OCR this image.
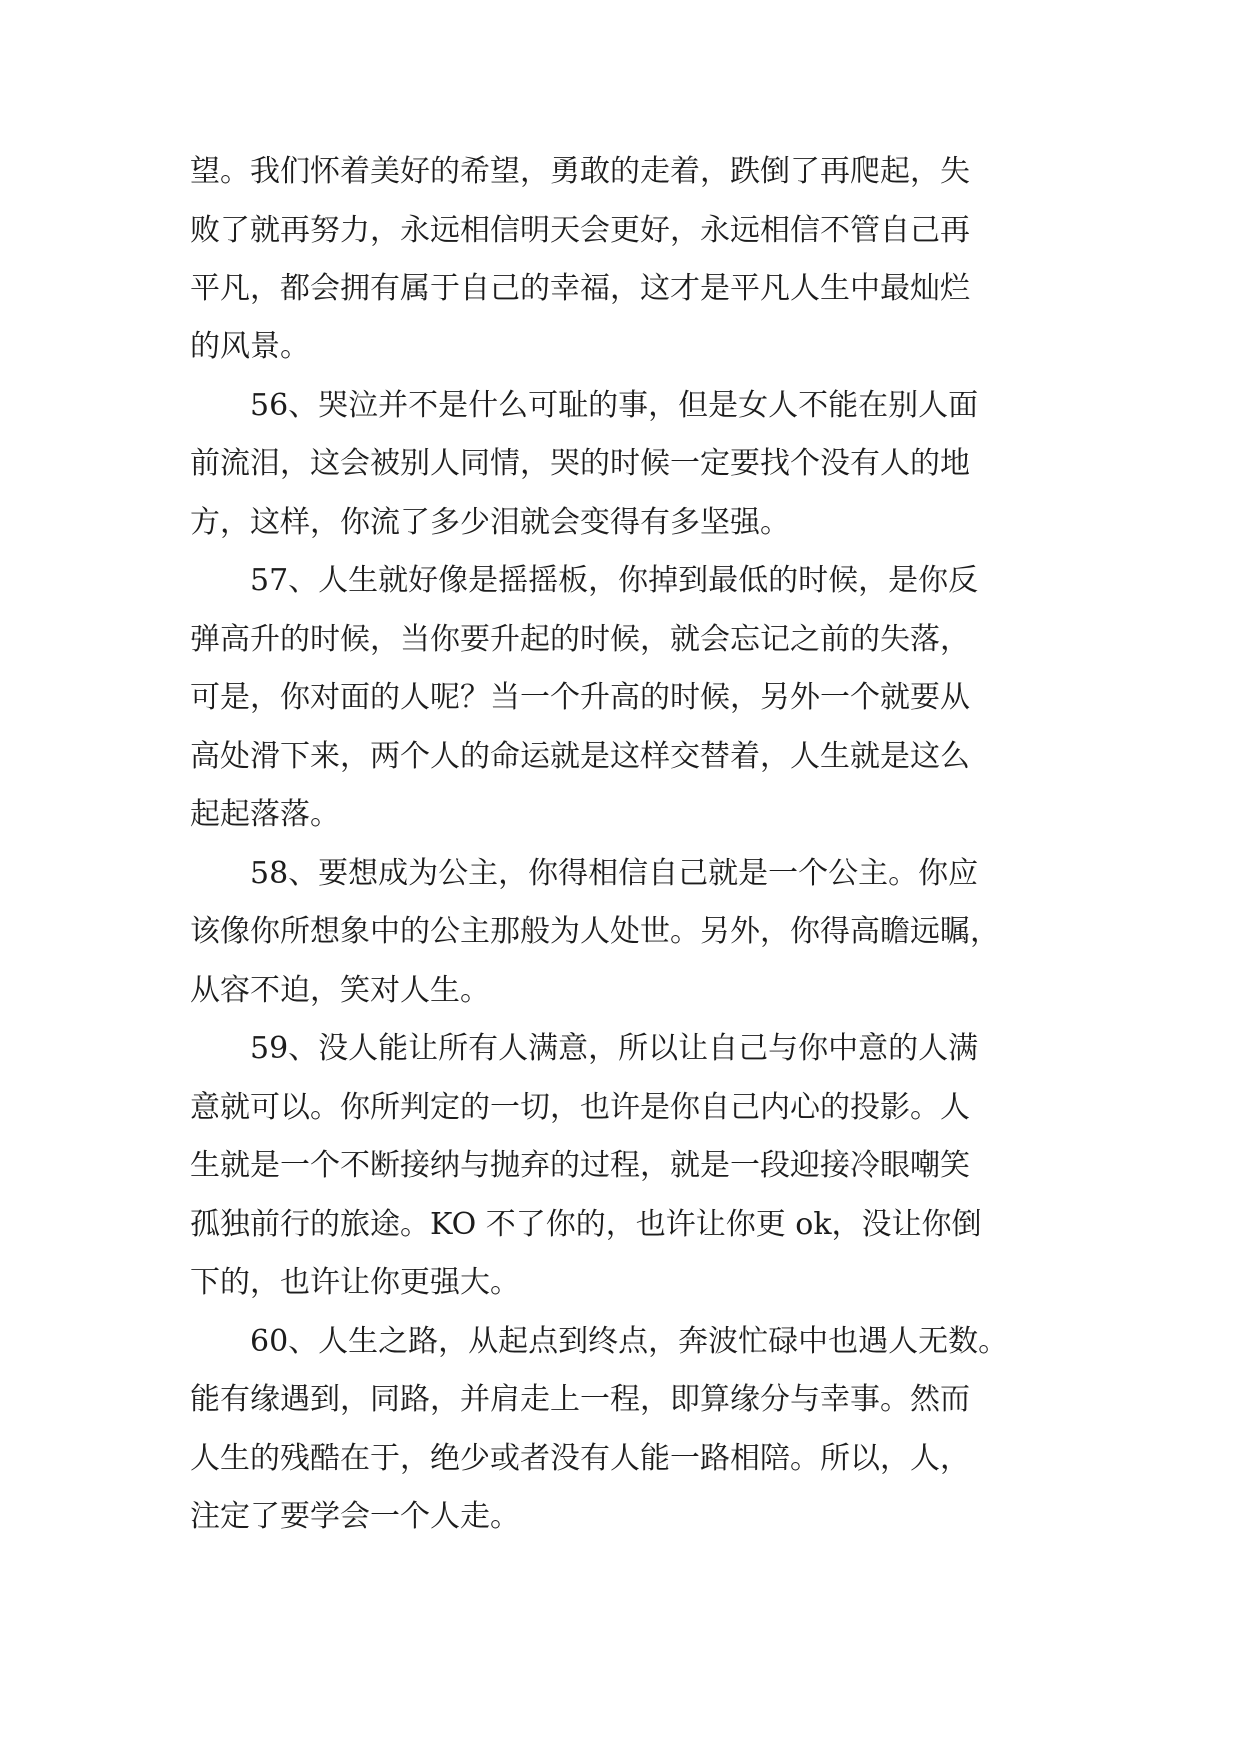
望。我们怀着美好的希望，勇敢的走着，跌倒了再爬起，失
败了就再努力，永远相信明天会更好，永远相信不管自己再
平凡，都会拥有属于自己的幸福，这才是平凡人生中最灿烂
的风景。
56、哭泣并不是什么可耻的事，但是女人不能在别人面
前流泪，这会被别人同情，哭的时候一定要找个没有人的地
方，这样，你流了多少泪就会变得有多坚强。
57、人生就好像是摇摇板，你掉到最低的时候，是你反
弹高升的时候，当你要升起的时候，就会忘记之前的失落，
可是，你对面的人呢？当一个升高的时候，另外一个就要从
高处滑下来，两个人的命运就是这样交替着，人生就是这么
起起落落。
58、要想成为公主，你得相信自己就是一个公主。你应
该像你所想象中的公主那般为人处世。另外，你得高瞻远瞩，
从容不迫，笑对人生。
59、没人能让所有人满意，所以让自己与你中意的人满
意就可以。你所判定的一切，也许是你自己内心的投影。人
生就是一个不断接纳与抛弃的过程，就是一段迎接冷眼嘲笑
孤独前行的旅途。KO 不了你的，也许让你更 ok，没让你倒
下的，也许让你更强大。
60、人生之路，从起点到终点，奔波忙碌中也遇人无数。
能有缘遇到，同路，并肩走上一程，即算缘分与幸事。然而
人生的残酷在于，绝少或者没有人能一路相陪。所以，人，
注定了要学会一个人走。
